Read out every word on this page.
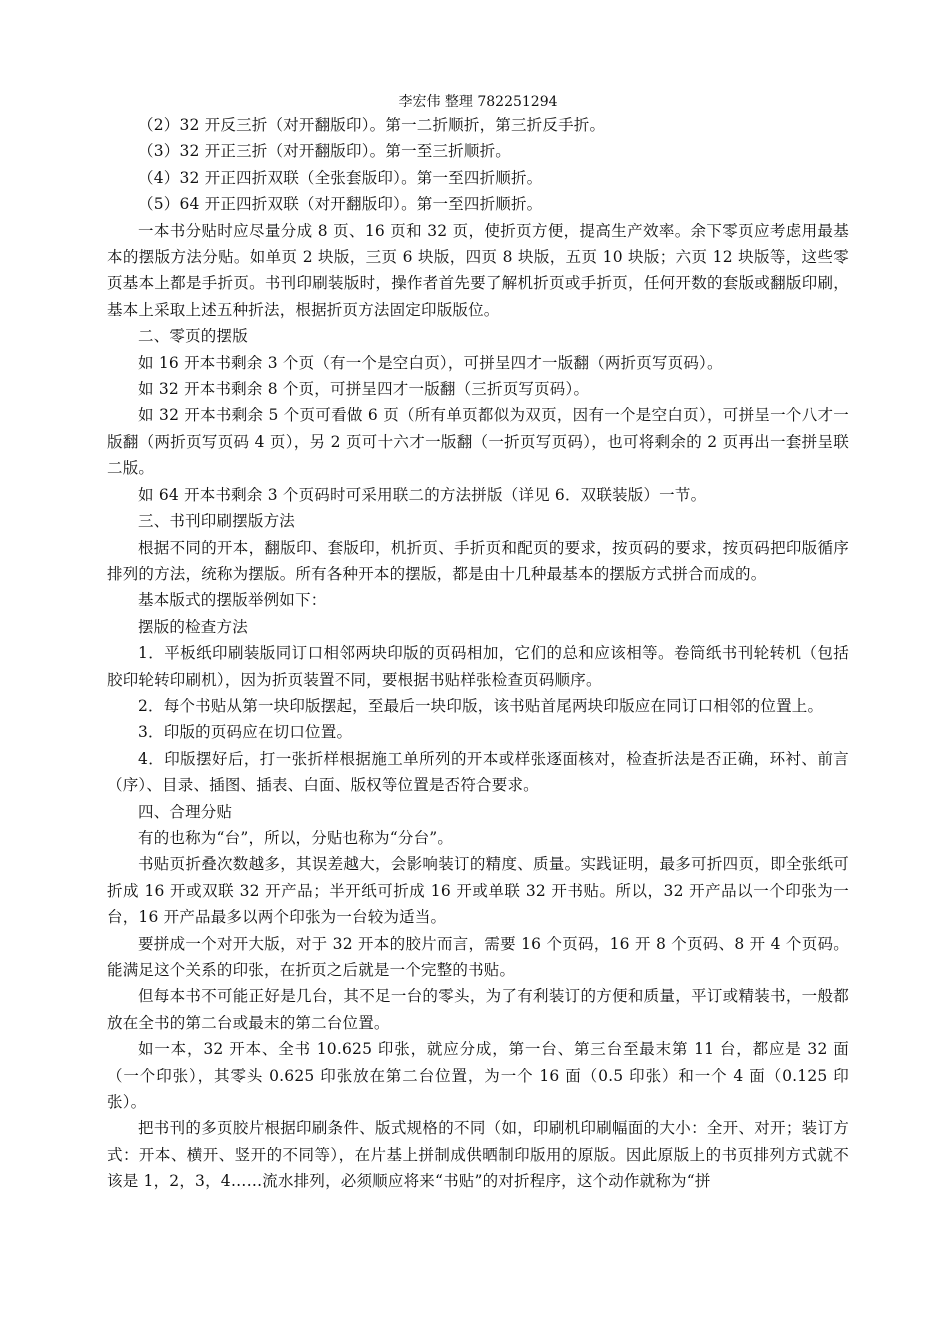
李宏伟 整理 782251294

（2）32 开反三折（对开翻版印）。第一二折顺折，第三折反手折。

（3）32 开正三折（对开翻版印）。第一至三折顺折。

（4）32 开正四折双联（全张套版印）。第一至四折顺折。

（5）64 开正四折双联（对开翻版印）。第一至四折顺折。

一本书分贴时应尽量分成 8 页、16 页和 32 页，使折页方便，提高生产效率。余下零页应考虑用最基本的摆版方法分贴。如单页 2 块版，三页 6 块版，四页 8 块版，五页 10 块版；六页 12 块版等，这些零页基本上都是手折页。书刊印刷装版时，操作者首先要了解机折页或手折页，任何开数的套版或翻版印刷，基本上采取上述五种折法，根据折页方法固定印版版位。

二、零页的摆版

如 16 开本书剩余 3 个页（有一个是空白页），可拼呈四才一版翻（两折页写页码）。

如 32 开本书剩余 8 个页，可拼呈四才一版翻（三折页写页码）。

如 32 开本书剩余 5 个页可看做 6 页（所有单页都似为双页，因有一个是空白页），可拼呈一个八才一版翻（两折页写页码 4 页），另 2 页可十六才一版翻（一折页写页码），也可将剩余的 2 页再出一套拼呈联二版。

如 64 开本书剩余 3 个页码时可采用联二的方法拼版（详见 6．双联装版）一节。

三、书刊印刷摆版方法

根据不同的开本，翻版印、套版印，机折页、手折页和配页的要求，按页码的要求，按页码把印版循序排列的方法，统称为摆版。所有各种开本的摆版，都是由十几种最基本的摆版方式拼合而成的。

基本版式的摆版举例如下：

摆版的检查方法

1．平板纸印刷装版同订口相邻两块印版的页码相加，它们的总和应该相等。卷筒纸书刊轮转机（包括胶印轮转印刷机），因为折页装置不同，要根据书贴样张检查页码顺序。

2．每个书贴从第一块印版摆起，至最后一块印版，该书贴首尾两块印版应在同订口相邻的位置上。

3．印版的页码应在切口位置。

4．印版摆好后，打一张折样根据施工单所列的开本或样张逐面核对，检查折法是否正确，环衬、前言（序）、目录、插图、插表、白面、版权等位置是否符合要求。

四、合理分贴

有的也称为“台”，所以，分贴也称为“分台”。

书贴页折叠次数越多，其误差越大，会影响装订的精度、质量。实践证明，最多可折四页，即全张纸可折成 16 开或双联 32 开产品；半开纸可折成 16 开或单联 32 开书贴。所以，32 开产品以一个印张为一台，16 开产品最多以两个印张为一台较为适当。

要拼成一个对开大版，对于 32 开本的胶片而言，需要 16 个页码，16 开 8 个页码、8 开 4 个页码。能满足这个关系的印张，在折页之后就是一个完整的书贴。

但每本书不可能正好是几台，其不足一台的零头，为了有利装订的方便和质量，平订或精装书，一般都放在全书的第二台或最末的第二台位置。

如一本，32 开本、全书 10.625 印张，就应分成，第一台、第三台至最末第 11 台，都应是 32 面（一个印张），其零头 0.625 印张放在第二台位置，为一个 16 面（0.5 印张）和一个 4 面（0.125 印张）。

把书刊的多页胶片根据印刷条件、版式规格的不同（如，印刷机印刷幅面的大小：全开、对开；装订方式：开本、横开、竖开的不同等），在片基上拼制成供晒制印版用的原版。因此原版上的书页排列方式就不该是 1，2，3，4……流水排列，必须顺应将来“书贴”的对折程序，这个动作就称为“拼
